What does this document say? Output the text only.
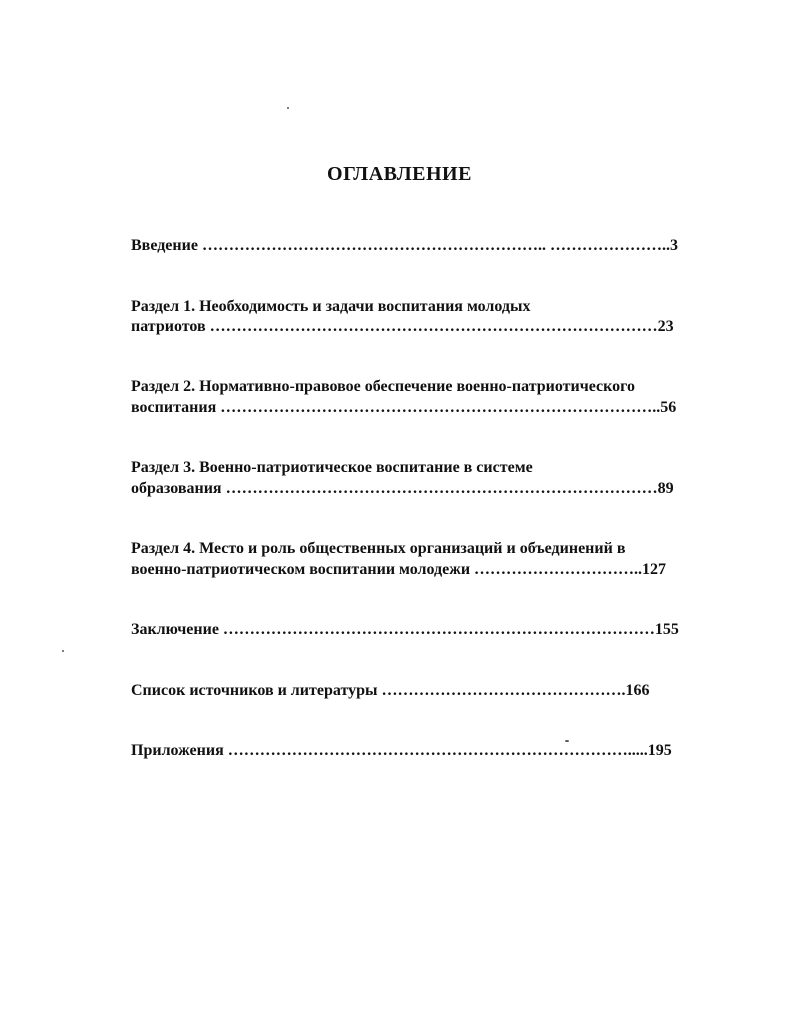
ОГЛАВЛЕНИЕ
Введение ……………………………………………………….. …………………..3
Раздел 1. Необходимость и задачи воспитания молодых
патриотов …………………………………………………………………………23
Раздел 2. Нормативно-правовое обеспечение военно-патриотического
воспитания ………………………………………………………………………..56
Раздел 3. Военно-патриотическое воспитание в системе
образования ………………………………………………………………………89
Раздел 4. Место и роль общественных организаций и объединений в
военно-патриотическом воспитании молодежи …………………………..127
Заключение ………………………………………………………………………155
Список источников и литературы ……………………………………….166
Приложения ………………………………………………………………….....195
